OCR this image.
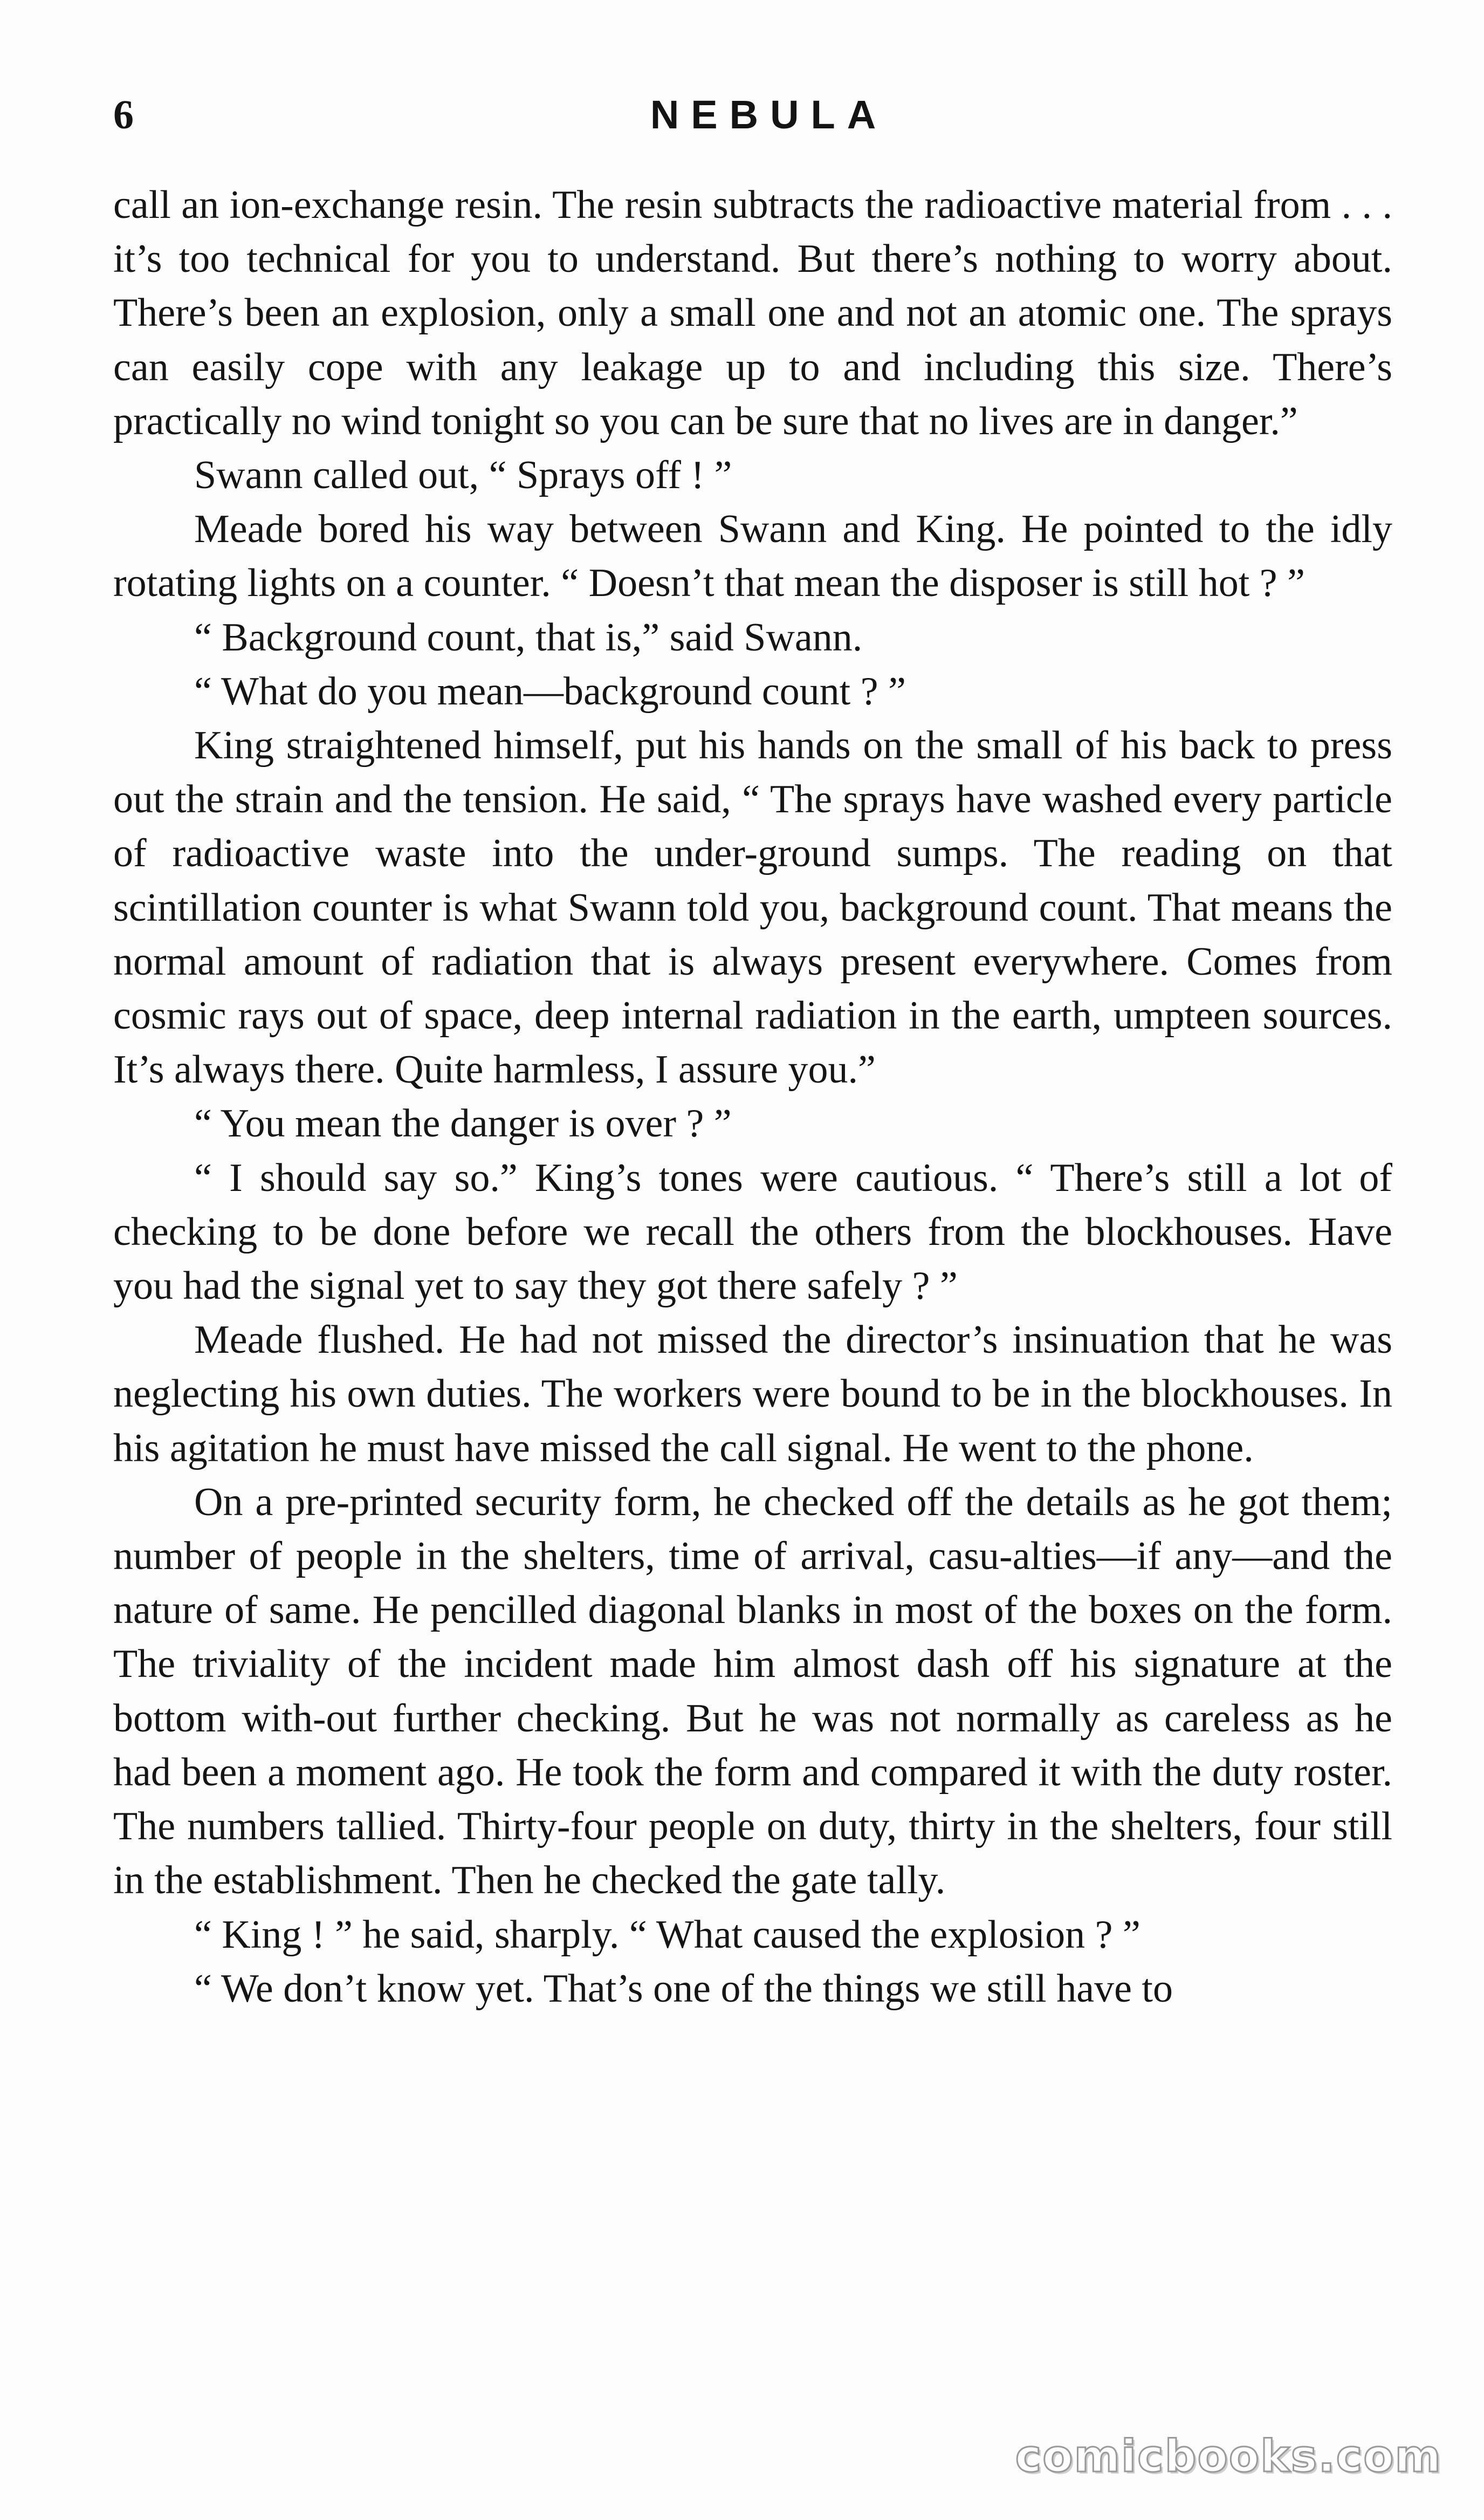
6	NEBULA

call an ion-exchange resin. The resin subtracts the radioactive material from . . . it’s too technical for you to understand. But there’s nothing to worry about. There’s been an explosion, only a small one and not an atomic one. The sprays can easily cope with any leakage up to and including this size. There’s practically no wind tonight so you can be sure that no lives are in danger.”

Swann called out, “ Sprays off ! ”

Meade bored his way between Swann and King. He pointed to the idly rotating lights on a counter. “ Doesn’t that mean the disposer is still hot ? ”

“ Background count, that is,” said Swann.

“ What do you mean—background count ? ”

King straightened himself, put his hands on the small of his back to press out the strain and the tension. He said, “ The sprays have washed every particle of radioactive waste into the under-ground sumps. The reading on that scintillation counter is what Swann told you, background count. That means the normal amount of radiation that is always present everywhere. Comes from cosmic rays out of space, deep internal radiation in the earth, umpteen sources. It’s always there. Quite harmless, I assure you.”

“ You mean the danger is over ? ”

“ I should say so.” King’s tones were cautious. “ There’s still a lot of checking to be done before we recall the others from the blockhouses. Have you had the signal yet to say they got there safely ? ”

Meade flushed. He had not missed the director’s insinuation that he was neglecting his own duties. The workers were bound to be in the blockhouses. In his agitation he must have missed the call signal. He went to the phone.

On a pre-printed security form, he checked off the details as he got them; number of people in the shelters, time of arrival, casu-alties—if any—and the nature of same. He pencilled diagonal blanks in most of the boxes on the form. The triviality of the incident made him almost dash off his signature at the bottom with-out further checking. But he was not normally as careless as he had been a moment ago. He took the form and compared it with the duty roster. The numbers tallied. Thirty-four people on duty, thirty in the shelters, four still in the establishment. Then he checked the gate tally.

“ King ! ” he said, sharply. “ What caused the explosion ? ”

“ We don’t know yet. That’s one of the things we still have to

comicbooks.com
